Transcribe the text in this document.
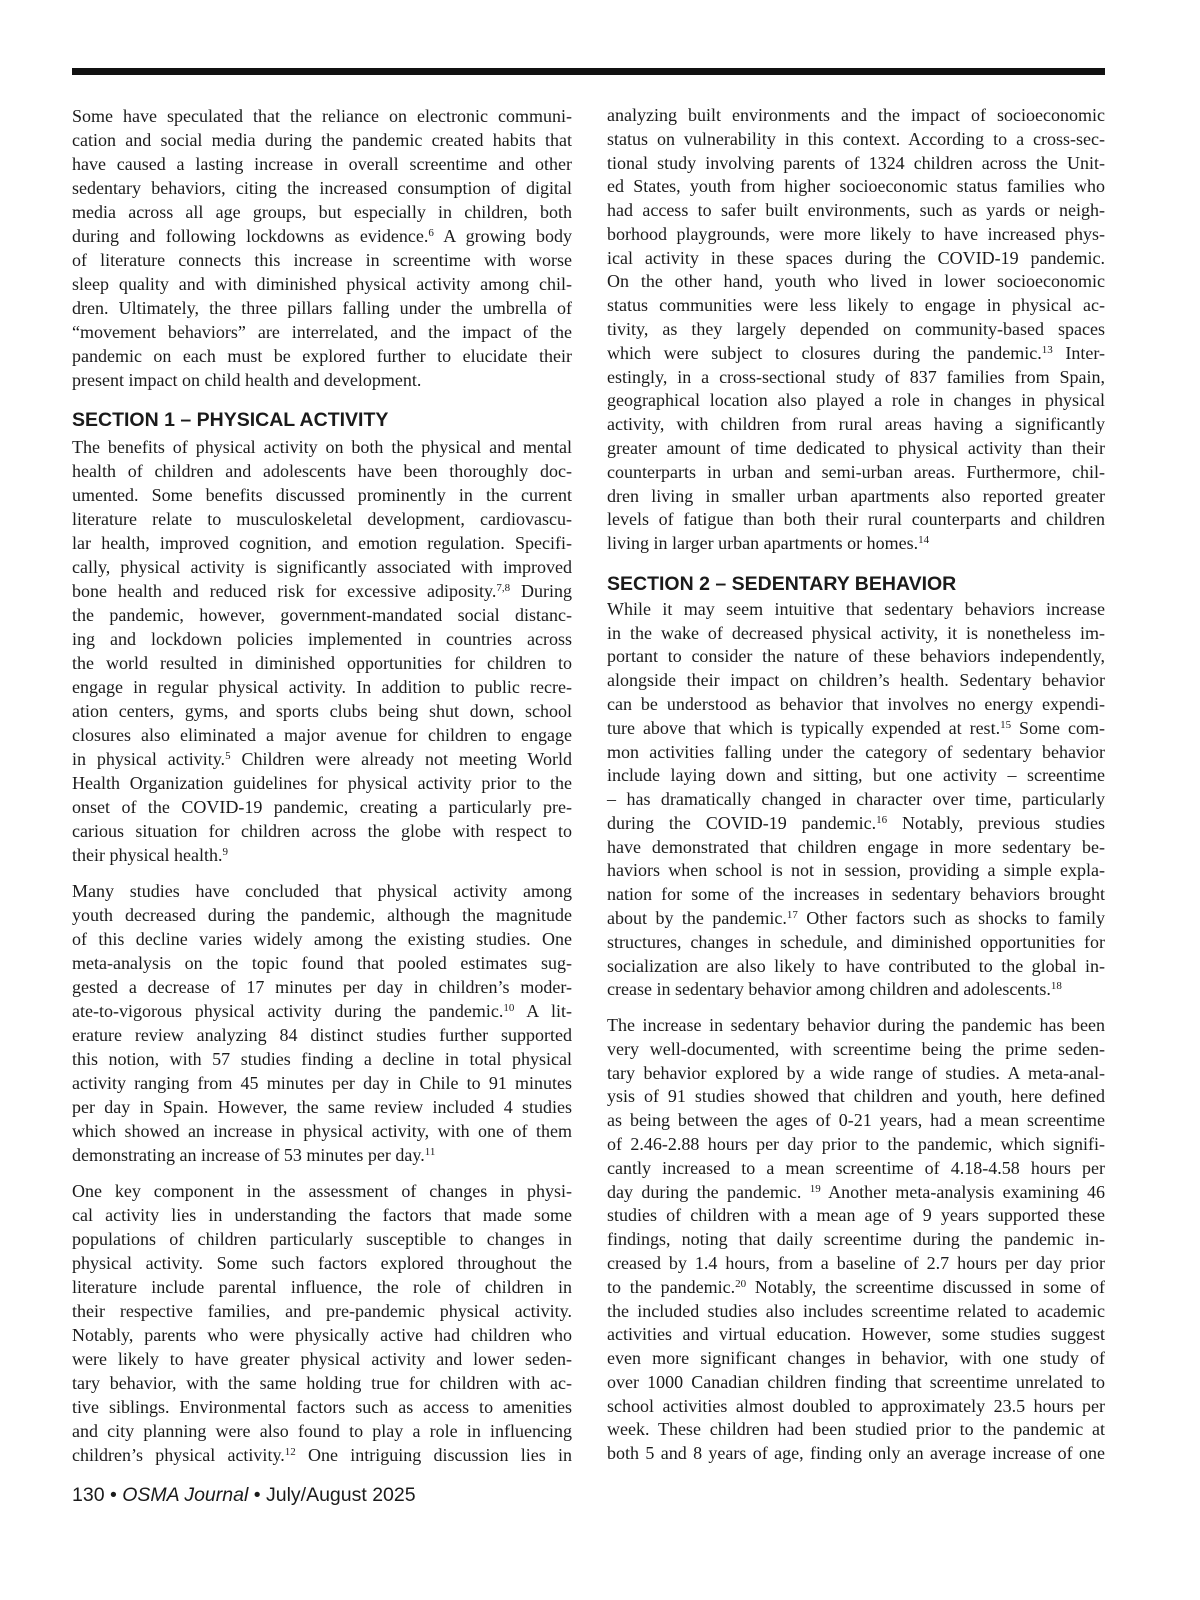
Some have speculated that the reliance on electronic communi-
cation and social media during the pandemic created habits that
have caused a lasting increase in overall screentime and other
sedentary behaviors, citing the increased consumption of digital
media across all age groups, but especially in children, both
during and following lockdowns as evidence.$^6$ A growing body
of literature connects this increase in screentime with worse
sleep quality and with diminished physical activity among chil-
dren. Ultimately, the three pillars falling under the umbrella of
“movement behaviors” are interrelated, and the impact of the
pandemic on each must be explored further to elucidate their
present impact on child health and development.
SECTION 1 – PHYSICAL ACTIVITY
The benefits of physical activity on both the physical and mental
health of children and adolescents have been thoroughly doc-
umented. Some benefits discussed prominently in the current
literature relate to musculoskeletal development, cardiovascu-
lar health, improved cognition, and emotion regulation. Specifi-
cally, physical activity is significantly associated with improved
bone health and reduced risk for excessive adiposity.$^{7,8}$ During
the pandemic, however, government-mandated social distanc-
ing and lockdown policies implemented in countries across
the world resulted in diminished opportunities for children to
engage in regular physical activity. In addition to public recre-
ation centers, gyms, and sports clubs being shut down, school
closures also eliminated a major avenue for children to engage
in physical activity.$^5$ Children were already not meeting World
Health Organization guidelines for physical activity prior to the
onset of the COVID-19 pandemic, creating a particularly pre-
carious situation for children across the globe with respect to
their physical health.$^9$
Many studies have concluded that physical activity among
youth decreased during the pandemic, although the magnitude
of this decline varies widely among the existing studies. One
meta-analysis on the topic found that pooled estimates sug-
gested a decrease of 17 minutes per day in children’s moder-
ate-to-vigorous physical activity during the pandemic.$^{10}$ A lit-
erature review analyzing 84 distinct studies further supported
this notion, with 57 studies finding a decline in total physical
activity ranging from 45 minutes per day in Chile to 91 minutes
per day in Spain. However, the same review included 4 studies
which showed an increase in physical activity, with one of them
demonstrating an increase of 53 minutes per day.$^{11}$
One key component in the assessment of changes in physi-
cal activity lies in understanding the factors that made some
populations of children particularly susceptible to changes in
physical activity. Some such factors explored throughout the
literature include parental influence, the role of children in
their respective families, and pre-pandemic physical activity.
Notably, parents who were physically active had children who
were likely to have greater physical activity and lower seden-
tary behavior, with the same holding true for children with ac-
tive siblings. Environmental factors such as access to amenities
and city planning were also found to play a role in influencing
children’s physical activity.$^{12}$ One intriguing discussion lies in
analyzing built environments and the impact of socioeconomic
status on vulnerability in this context. According to a cross-sec-
tional study involving parents of 1324 children across the Unit-
ed States, youth from higher socioeconomic status families who
had access to safer built environments, such as yards or neigh-
borhood playgrounds, were more likely to have increased phys-
ical activity in these spaces during the COVID-19 pandemic.
On the other hand, youth who lived in lower socioeconomic
status communities were less likely to engage in physical ac-
tivity, as they largely depended on community-based spaces
which were subject to closures during the pandemic.$^{13}$ Inter-
estingly, in a cross-sectional study of 837 families from Spain,
geographical location also played a role in changes in physical
activity, with children from rural areas having a significantly
greater amount of time dedicated to physical activity than their
counterparts in urban and semi-urban areas. Furthermore, chil-
dren living in smaller urban apartments also reported greater
levels of fatigue than both their rural counterparts and children
living in larger urban apartments or homes.$^{14}$
SECTION 2 – SEDENTARY BEHAVIOR
While it may seem intuitive that sedentary behaviors increase
in the wake of decreased physical activity, it is nonetheless im-
portant to consider the nature of these behaviors independently,
alongside their impact on children’s health. Sedentary behavior
can be understood as behavior that involves no energy expendi-
ture above that which is typically expended at rest.$^{15}$ Some com-
mon activities falling under the category of sedentary behavior
include laying down and sitting, but one activity – screentime
– has dramatically changed in character over time, particularly
during the COVID-19 pandemic.$^{16}$ Notably, previous studies
have demonstrated that children engage in more sedentary be-
haviors when school is not in session, providing a simple expla-
nation for some of the increases in sedentary behaviors brought
about by the pandemic.$^{17}$ Other factors such as shocks to family
structures, changes in schedule, and diminished opportunities for
socialization are also likely to have contributed to the global in-
crease in sedentary behavior among children and adolescents.$^{18}$
The increase in sedentary behavior during the pandemic has been
very well-documented, with screentime being the prime seden-
tary behavior explored by a wide range of studies. A meta-anal-
ysis of 91 studies showed that children and youth, here defined
as being between the ages of 0-21 years, had a mean screentime
of 2.46-2.88 hours per day prior to the pandemic, which signifi-
cantly increased to a mean screentime of 4.18-4.58 hours per
day during the pandemic. $^{19}$ Another meta-analysis examining 46
studies of children with a mean age of 9 years supported these
findings, noting that daily screentime during the pandemic in-
creased by 1.4 hours, from a baseline of 2.7 hours per day prior
to the pandemic.$^{20}$ Notably, the screentime discussed in some of
the included studies also includes screentime related to academic
activities and virtual education. However, some studies suggest
even more significant changes in behavior, with one study of
over 1000 Canadian children finding that screentime unrelated to
school activities almost doubled to approximately 23.5 hours per
week. These children had been studied prior to the pandemic at
both 5 and 8 years of age, finding only an average increase of one
130 • OSMA Journal • July/August 2025
